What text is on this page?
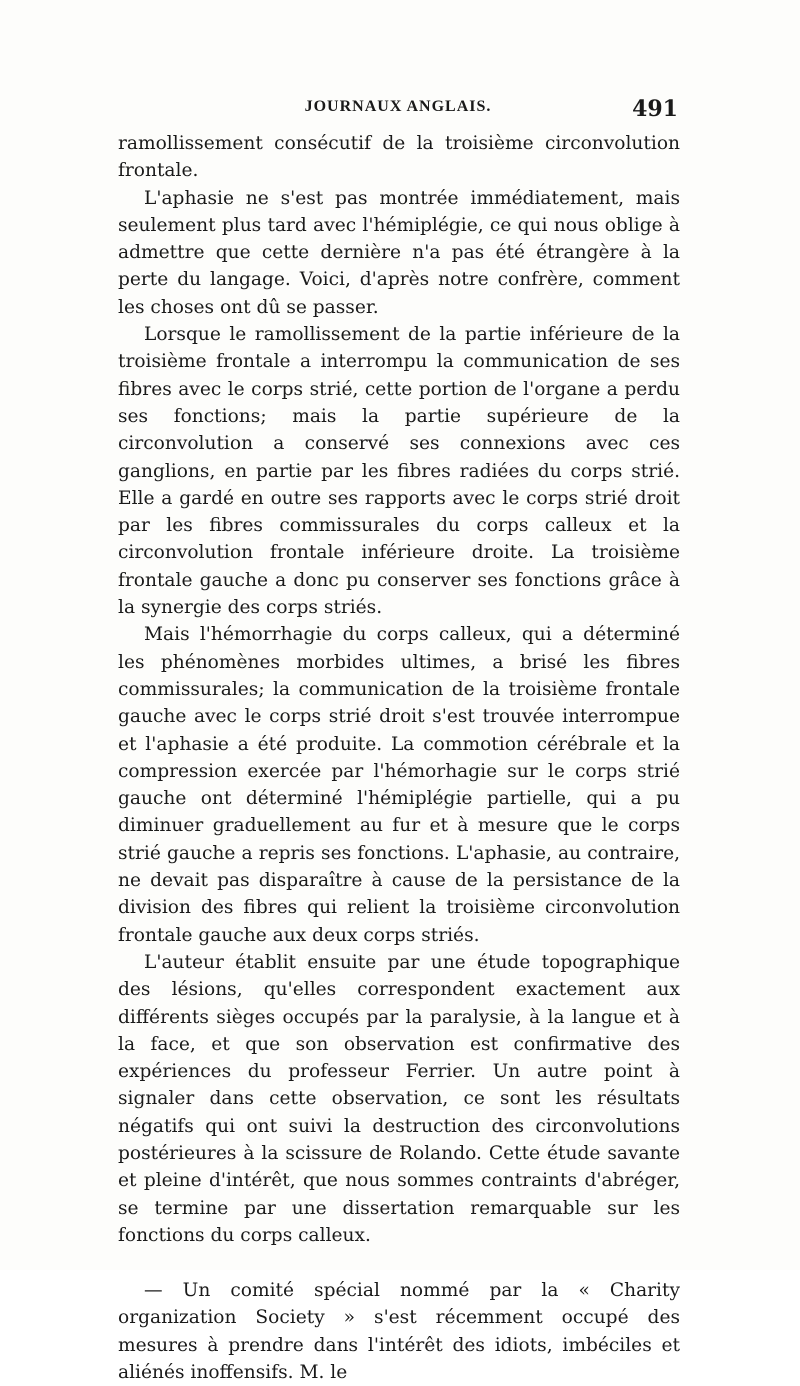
JOURNAUX ANGLAIS.	491

ramollissement consécutif de la troisième circonvolution frontale.

L'aphasie ne s'est pas montrée immédiatement, mais seulement plus tard avec l'hémiplégie, ce qui nous oblige à admettre que cette dernière n'a pas été étrangère à la perte du langage. Voici, d'après notre confrère, comment les choses ont dû se passer.

Lorsque le ramollissement de la partie inférieure de la troisième frontale a interrompu la communication de ses fibres avec le corps strié, cette portion de l'organe a perdu ses fonctions; mais la partie supérieure de la circonvolution a conservé ses connexions avec ces ganglions, en partie par les fibres radiées du corps strié. Elle a gardé en outre ses rapports avec le corps strié droit par les fibres commissurales du corps calleux et la circonvolution frontale inférieure droite. La troisième frontale gauche a donc pu conserver ses fonctions grâce à la synergie des corps striés.

Mais l'hémorrhagie du corps calleux, qui a déterminé les phénomènes morbides ultimes, a brisé les fibres commissurales; la communication de la troisième frontale gauche avec le corps strié droit s'est trouvée interrompue et l'aphasie a été produite. La commotion cérébrale et la compression exercée par l'hémorhagie sur le corps strié gauche ont déterminé l'hémiplégie partielle, qui a pu diminuer graduellement au fur et à mesure que le corps strié gauche a repris ses fonctions. L'aphasie, au contraire, ne devait pas disparaître à cause de la persistance de la division des fibres qui relient la troisième circonvolution frontale gauche aux deux corps striés.

L'auteur établit ensuite par une étude topographique des lésions, qu'elles correspondent exactement aux différents sièges occupés par la paralysie, à la langue et à la face, et que son observation est confirmative des expériences du professeur Ferrier. Un autre point à signaler dans cette observation, ce sont les résultats négatifs qui ont suivi la destruction des circonvolutions postérieures à la scissure de Rolando. Cette étude savante et pleine d'intérêt, que nous sommes contraints d'abréger, se termine par une dissertation remarquable sur les fonctions du corps calleux.

— Un comité spécial nommé par la « Charity organization Society » s'est récemment occupé des mesures à prendre dans l'intérêt des idiots, imbéciles et aliénés inoffensifs. M. le
